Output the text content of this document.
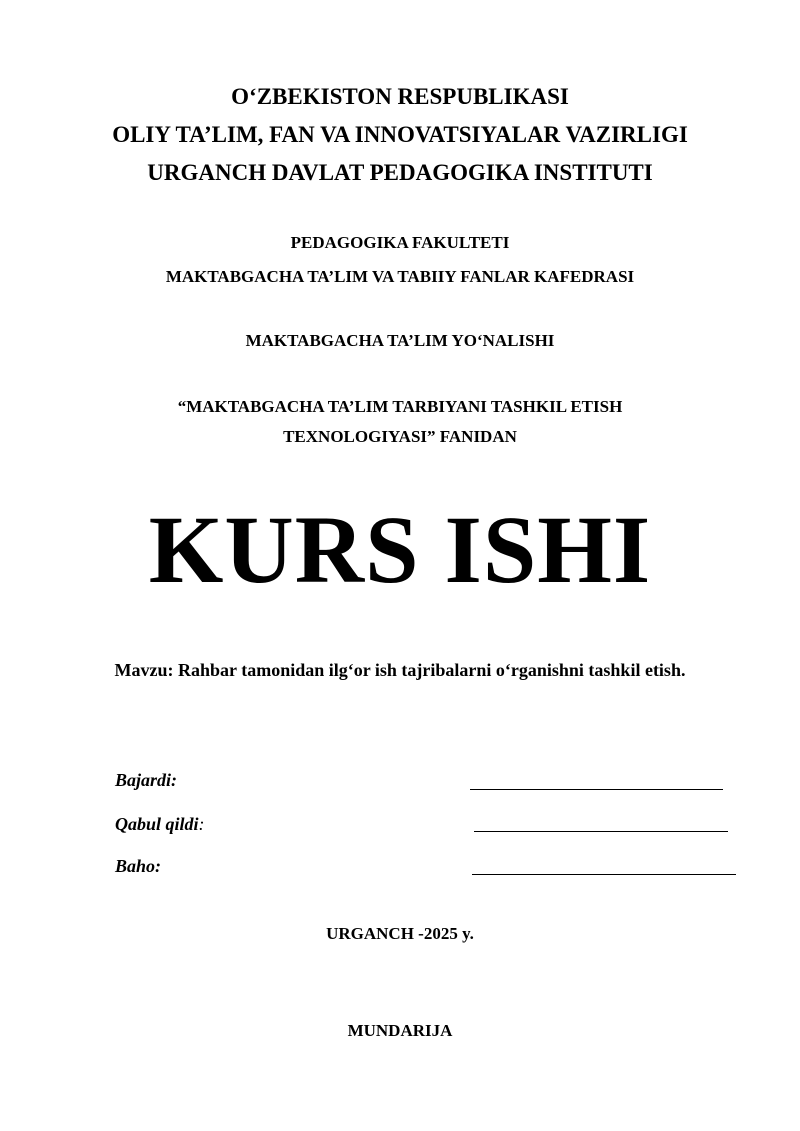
O‘ZBEKISTON RESPUBLIKASI

OLIY TA’LIM, FAN VA INNOVATSIYALAR VAZIRLIGI

URGANCH DAVLAT PEDAGOGIKA INSTITUTI

PEDAGOGIKA FAKULTETI

MAKTABGACHA TA’LIM VA TABIIY FANLAR KAFEDRASI

MAKTABGACHA TA’LIM YO‘NALISHI

“MAKTABGACHA TA’LIM TARBIYANI TASHKIL ETISH

TEXNOLOGIYASI” FANIDAN

KURS ISHI

Mavzu: Rahbar tamonidan ilg‘or ish tajribalarni o‘rganishni tashkil etish.

Bajardi:
Qabul qildi:
Baho:

URGANCH -2025 y.

MUNDARIJA
